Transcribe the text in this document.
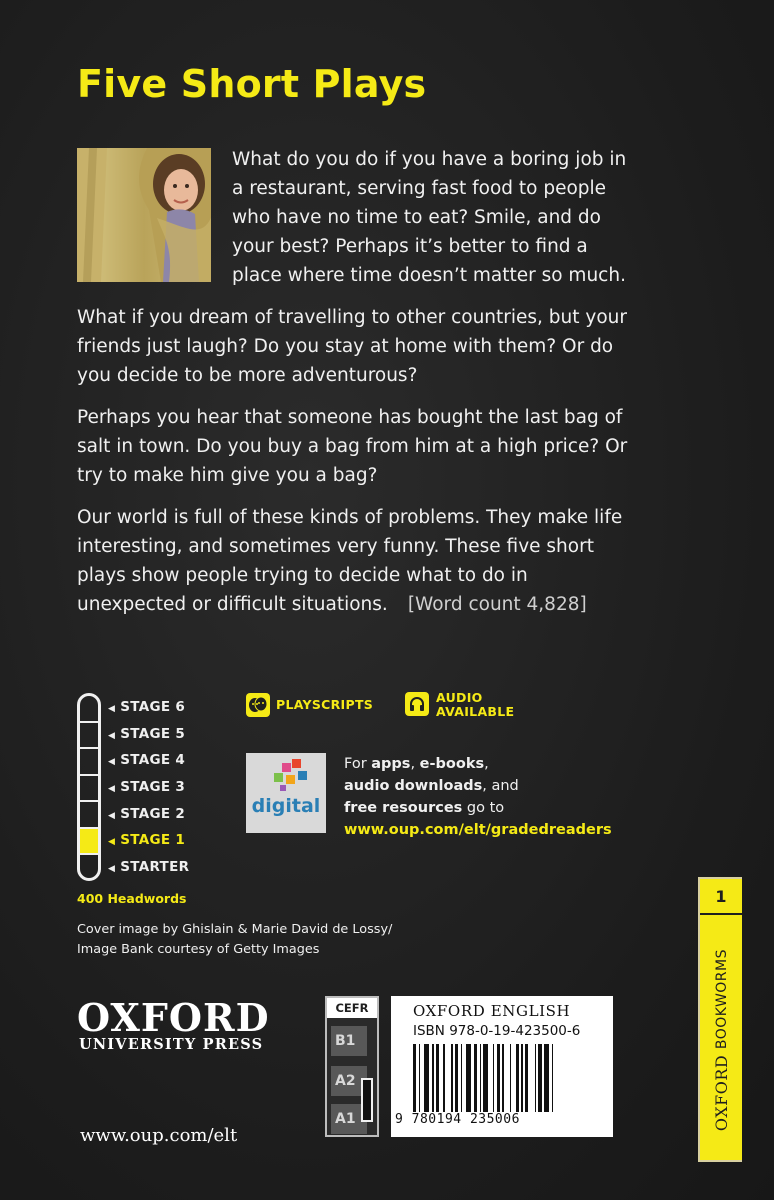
Five Short Plays
What do you do if you have a boring job in a restaurant, serving fast food to people who have no time to eat? Smile, and do your best? Perhaps it’s better to find a place where time doesn’t matter so much.
What if you dream of travelling to other countries, but your friends just laugh? Do you stay at home with them? Or do you decide to be more adventurous?
Perhaps you hear that someone has bought the last bag of salt in town. Do you buy a bag from him at a high price? Or try to make him give you a bag?
Our world is full of these kinds of problems. They make life interesting, and sometimes very funny. These five short plays show people trying to decide what to do in unexpected or difficult situations. [Word count 4,828]
◀ STAGE 6
◀ STAGE 5
◀ STAGE 4
◀ STAGE 3
◀ STAGE 2
◀ STAGE 1
◀ STARTER
400 Headwords
PLAYSCRIPTS	AUDIO
AVAILABLE
digital
For apps, e-books,
audio downloads, and
free resources go to
www.oup.com/elt/gradedreaders
Cover image by Ghislain & Marie David de Lossy/
Image Bank courtesy of Getty Images
OXFORD
UNIVERSITY PRESS
www.oup.com/elt
CEFR
B1
A2
A1
OXFORD ENGLISH
ISBN 978-0-19-423500-6
9 780194 235006
1
OXFORD BOOKWORMS
